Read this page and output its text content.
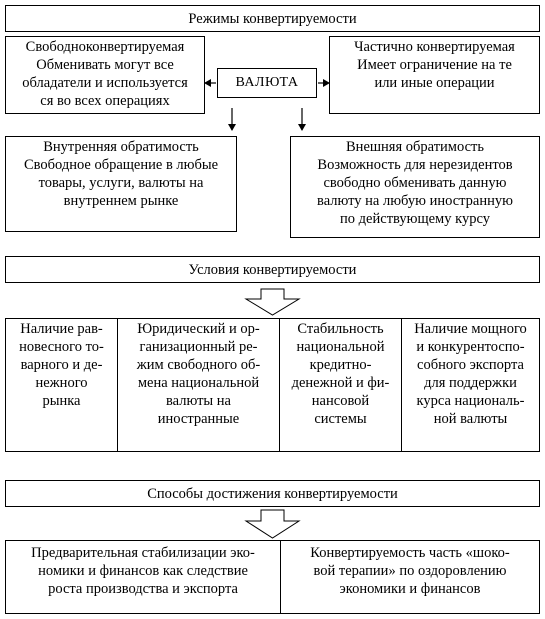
Режимы конвертируемости
Свободноконвертируемая
Обменивать могут все
обладатели и используется
ся во всех операциях
ВАЛЮТА
Частично конвертируемая
Имеет ограничение на те
или иные операции
Внутренняя обратимость
Свободное обращение в любые
товары, услуги, валюты на
внутреннем рынке
Внешняя обратимость
Возможность для нерезидентов
свободно обменивать данную
валюту на любую иностранную
по действующему курсу
Условия конвертируемости
Наличие рав-
новесного то-
варного и де-
нежного
рынка
Юридический и ор-
ганизационный ре-
жим свободного об-
мена национальной
валюты на
иностранные
Стабильность
национальной
кредитно-
денежной и фи-
нансовой
системы
Наличие мощного
и конкурентоспо-
собного экспорта
для поддержки
курса националь-
ной валюты
Способы достижения конвертируемости
Предварительная стабилизации эко-
номики и финансов как следствие
роста производства и экспорта
Конвертируемость часть «шоко-
вой терапии» по оздоровлению
экономики и финансов
